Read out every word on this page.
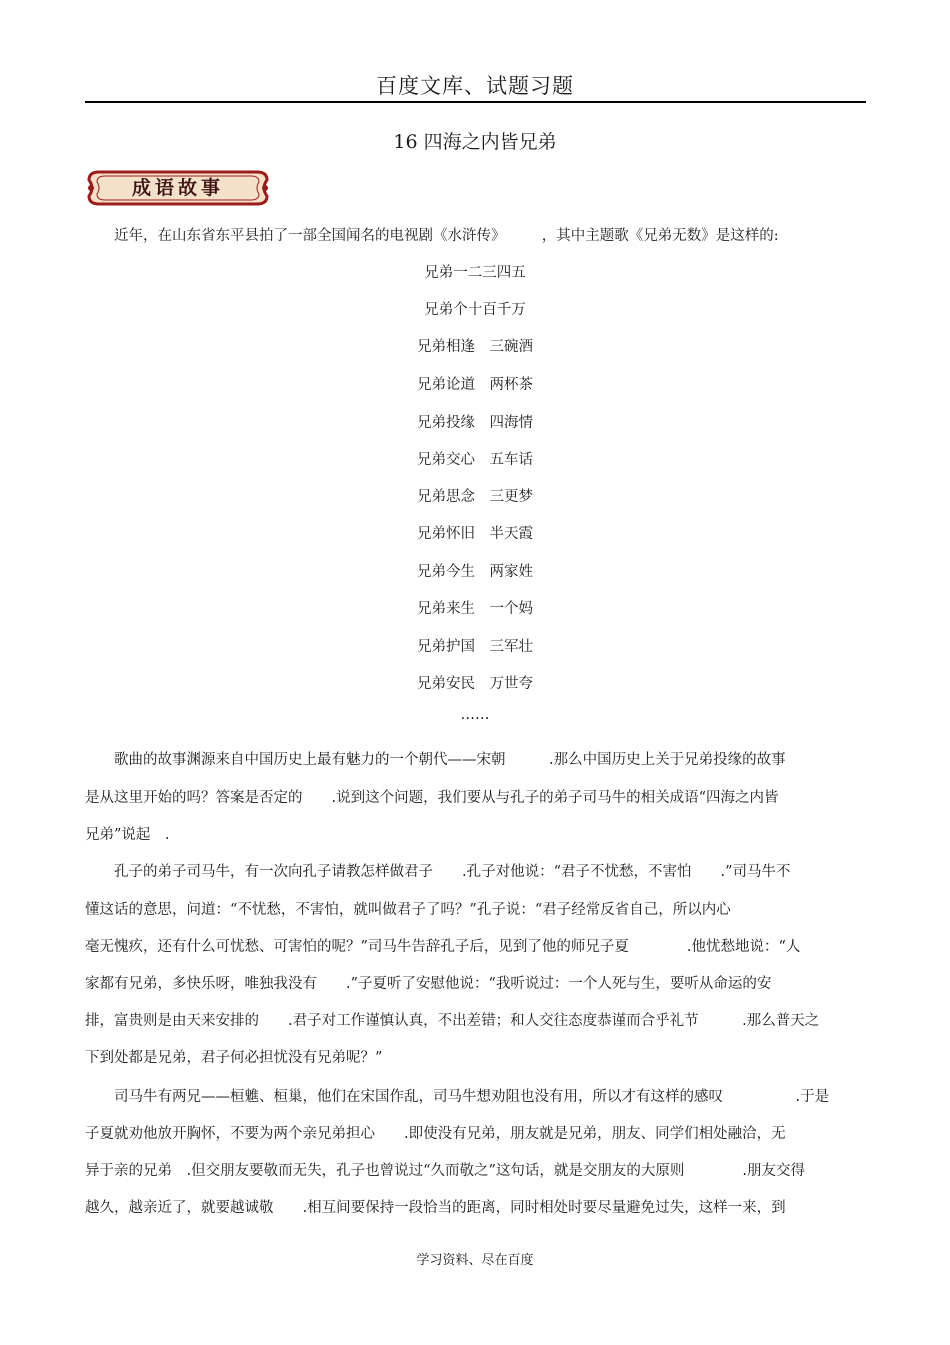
百度文库、试题习题
16 四海之内皆兄弟
成语故事
近年，在山东省东平县拍了一部全国闻名的电视剧《水浒传》　　　，其中主题歌《兄弟无数》是这样的:
兄弟一二三四五
兄弟个十百千万
兄弟相逢　三碗酒
兄弟论道　两杯茶
兄弟投缘　四海情
兄弟交心　五车话
兄弟思念　三更梦
兄弟怀旧　半天霞
兄弟今生　两家姓
兄弟来生　一个妈
兄弟护国　三军壮
兄弟安民　万世夸
……
歌曲的故事渊源来自中国历史上最有魅力的一个朝代——宋朝　　　.那么中国历史上关于兄弟投缘的故事
是从这里开始的吗？答案是否定的　　.说到这个问题，我们要从与孔子的弟子司马牛的相关成语“四海之内皆
兄弟”说起　.
孔子的弟子司马牛，有一次向孔子请教怎样做君子　　.孔子对他说：“君子不忧愁，不害怕　　.”司马牛不
懂这话的意思，问道：“不忧愁，不害怕，就叫做君子了吗？”孔子说：“君子经常反省自己，所以内心
毫无愧疚，还有什么可忧愁、可害怕的呢？”司马牛告辞孔子后，见到了他的师兄子夏　　　　.他忧愁地说：“人
家都有兄弟，多快乐呀，唯独我没有　　.”子夏听了安慰他说：“我听说过：一个人死与生，要听从命运的安
排，富贵则是由天来安排的　　.君子对工作谨慎认真，不出差错；和人交往态度恭谨而合乎礼节　　　.那么普天之
下到处都是兄弟，君子何必担忧没有兄弟呢？”
司马牛有两兄——桓魋、桓巢，他们在宋国作乱，司马牛想劝阻也没有用，所以才有这样的感叹　　　　　.于是
子夏就劝他放开胸怀，不要为两个亲兄弟担心　　.即使没有兄弟，朋友就是兄弟，朋友、同学们相处融洽，无
异于亲的兄弟　.但交朋友要敬而无失，孔子也曾说过“久而敬之”这句话，就是交朋友的大原则　　　　.朋友交得
越久，越亲近了，就要越诚敬　　.相互间要保持一段恰当的距离，同时相处时要尽量避免过失，这样一来，到
学习资料、尽在百度
